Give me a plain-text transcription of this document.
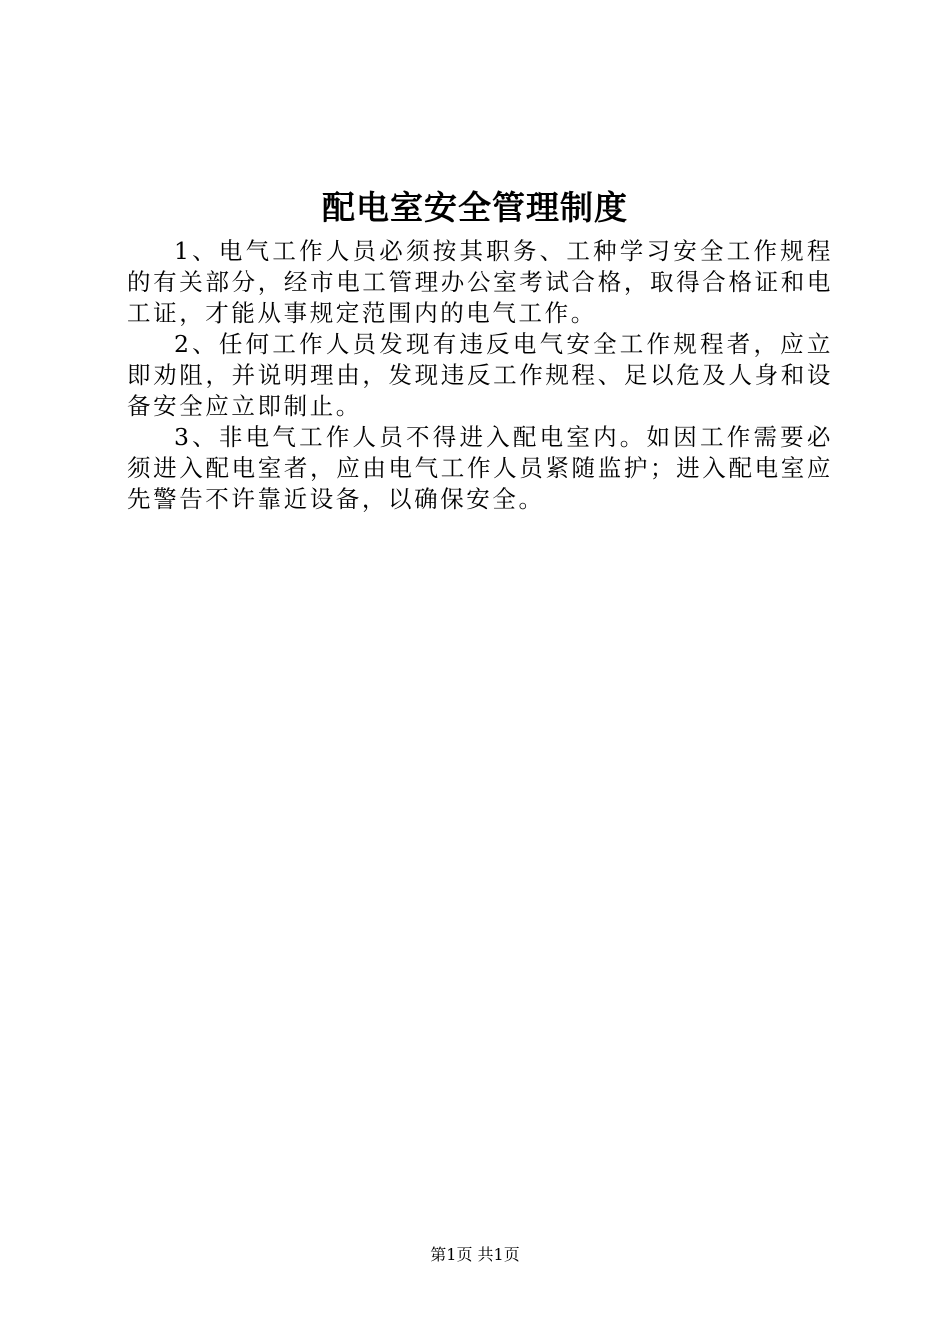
配电室安全管理制度

1、电气工作人员必须按其职务、工种学习安全工作规程的有关部分，经市电工管理办公室考试合格，取得合格证和电工证，才能从事规定范围内的电气工作。

2、任何工作人员发现有违反电气安全工作规程者，应立即劝阻，并说明理由，发现违反工作规程、足以危及人身和设备安全应立即制止。

3、非电气工作人员不得进入配电室内。如因工作需要必须进入配电室者，应由电气工作人员紧随监护；进入配电室应先警告不许靠近设备，以确保安全。

第1页 共1页
